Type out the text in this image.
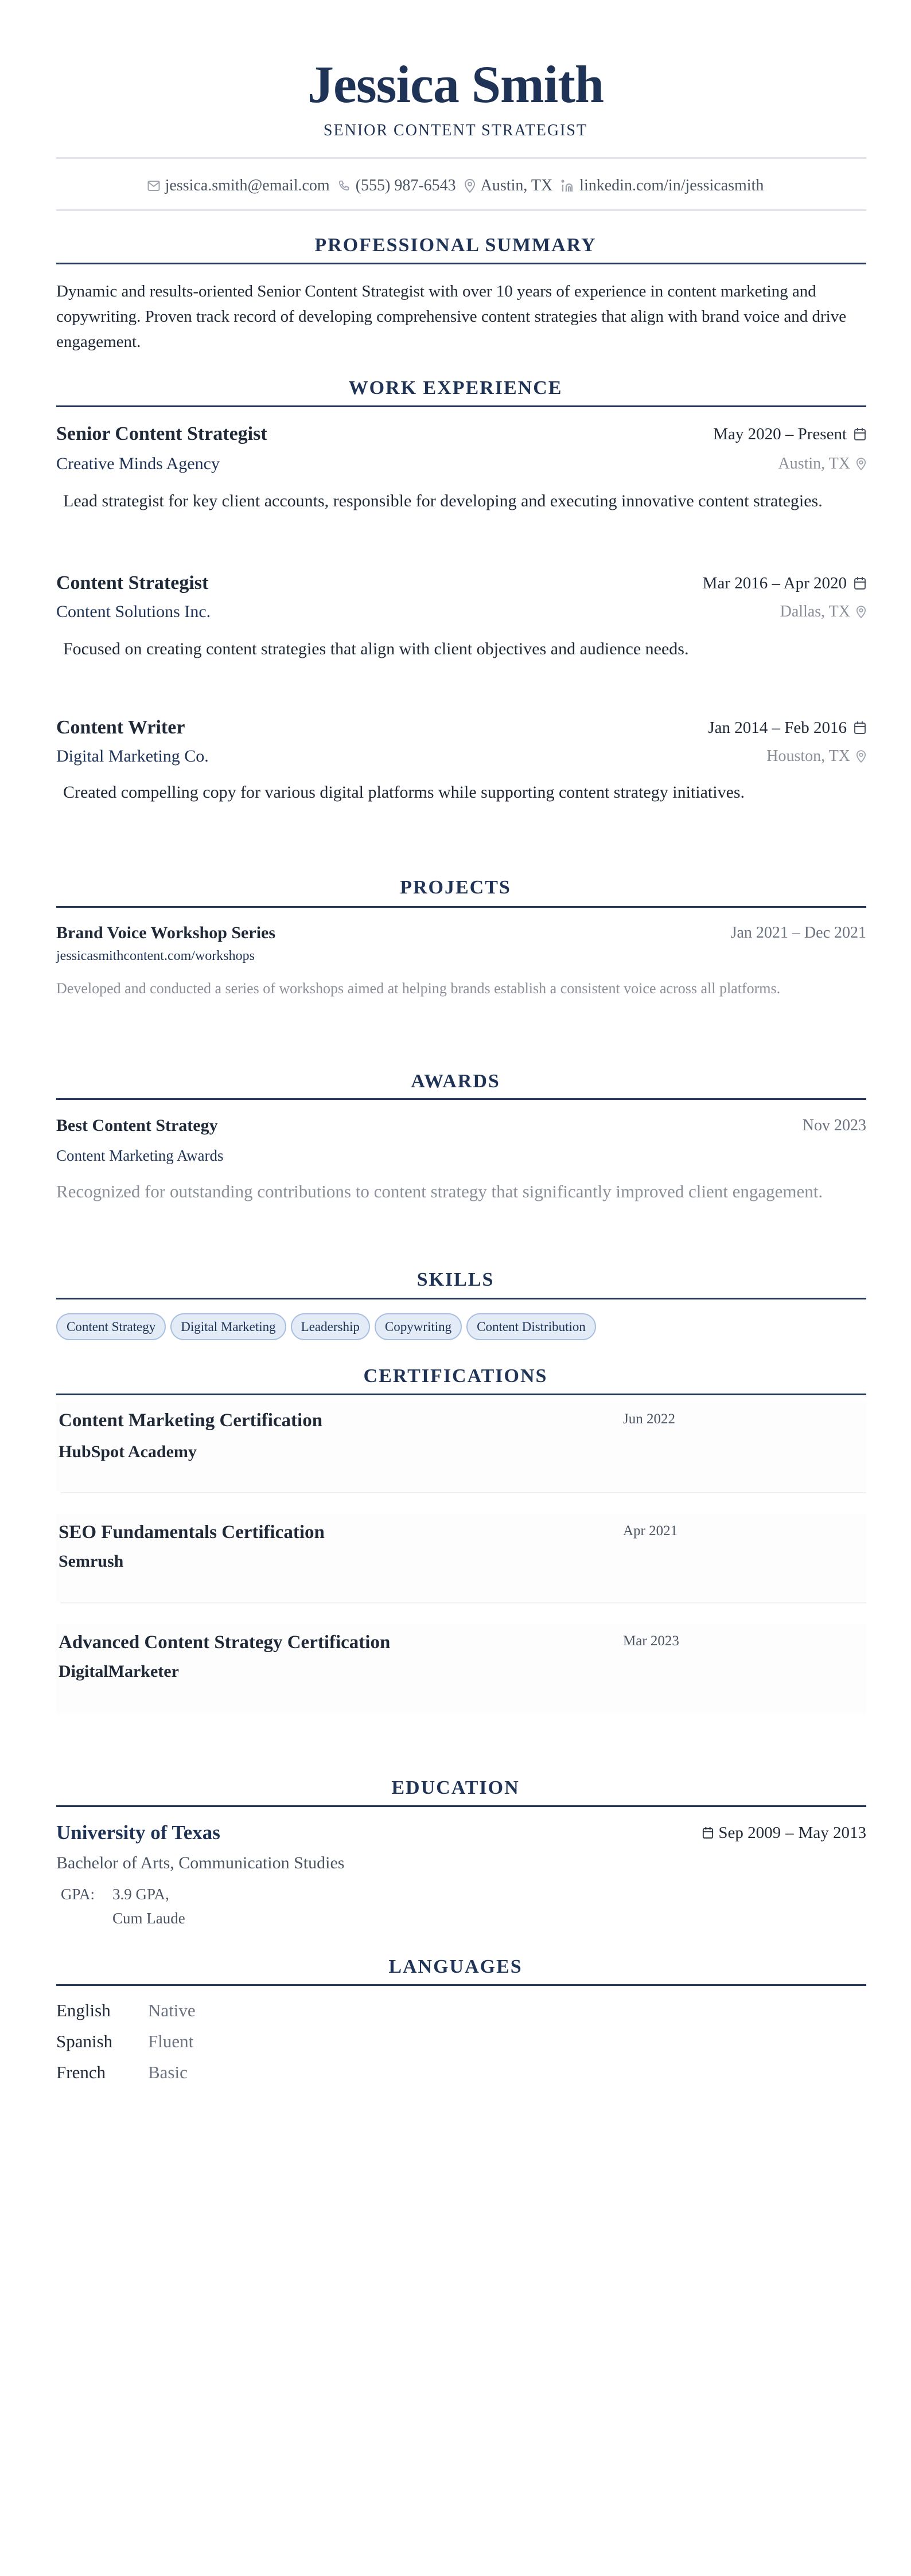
Jessica Smith
SENIOR CONTENT STRATEGIST
jessica.smith@email.com (555) 987-6543 Austin, TX linkedin.com/in/jessicasmith
PROFESSIONAL SUMMARY
Dynamic and results-oriented Senior Content Strategist with over 10 years of experience in content marketing and copywriting. Proven track record of developing comprehensive content strategies that align with brand voice and drive engagement.
WORK EXPERIENCE
Senior Content Strategist	May 2020 – Present
Creative Minds Agency	Austin, TX
Lead strategist for key client accounts, responsible for developing and executing innovative content strategies.
Content Strategist	Mar 2016 – Apr 2020
Content Solutions Inc.	Dallas, TX
Focused on creating content strategies that align with client objectives and audience needs.
Content Writer	Jan 2014 – Feb 2016
Digital Marketing Co.	Houston, TX
Created compelling copy for various digital platforms while supporting content strategy initiatives.
PROJECTS
Brand Voice Workshop Series	Jan 2021 – Dec 2021
jessicasmithcontent.com/workshops
Developed and conducted a series of workshops aimed at helping brands establish a consistent voice across all platforms.
AWARDS
Best Content Strategy	Nov 2023
Content Marketing Awards
Recognized for outstanding contributions to content strategy that significantly improved client engagement.
SKILLS
Content Strategy	Digital Marketing	Leadership	Copywriting	Content Distribution
CERTIFICATIONS
Content Marketing Certification	Jun 2022
HubSpot Academy
SEO Fundamentals Certification	Apr 2021
Semrush
Advanced Content Strategy Certification	Mar 2023
DigitalMarketer
EDUCATION
University of Texas	Sep 2009 – May 2013
Bachelor of Arts, Communication Studies
GPA: 3.9 GPA,
Cum Laude
LANGUAGES
English Native
Spanish Fluent
French Basic
